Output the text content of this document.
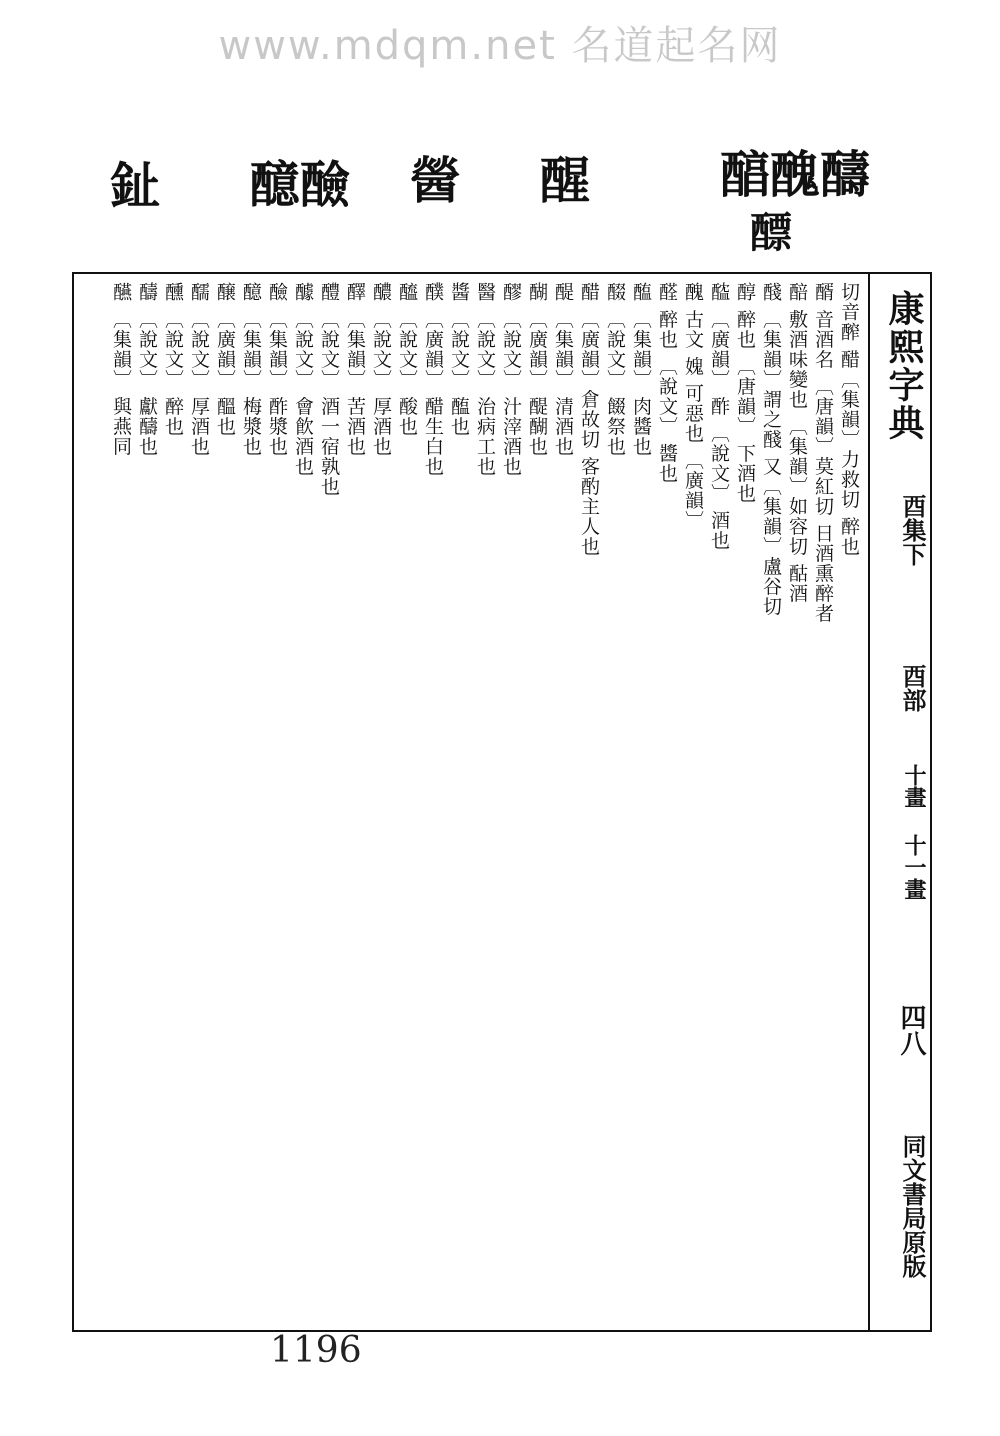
www.mdqm.net 名道起名网
䤠 醷醶 醟 醒	醕醜醻
醥
康熙字典
酉集下
酉部
十畫 十一畫
四八
同文書局原版
切音醡 醋〔集韻〕力救切 醉也
醑 音酒名 〔唐韻〕莫紅切 日酒熏醉者
醅 敷酒味變也 〔集韻〕如容切 酤酒
醆 〔集韻〕謂之醆 又〔集韻〕盧谷切
醇 醉也 〔唐韻〕 下酒也
醓 〔廣韻〕 酢 〔說文〕 酒也
醜 古文 媿 可惡也 〔廣韻〕
醛 醉也 〔說文〕 醬也
醢 〔集韻〕 肉醬也
醊 〔說文〕 餟祭也
醋 〔廣韻〕倉故切 客酌主人也
醍 〔集韻〕 清酒也
醐 〔廣韻〕 醍醐也
醪 〔說文〕 汁滓酒也
醫 〔說文〕 治病工也
醬 〔說文〕 醢也
醭 〔廣韻〕 醋生白也
醯 〔說文〕 酸也
醲 〔說文〕 厚酒也
醳 〔集韻〕 苦酒也
醴 〔說文〕 酒一宿孰也
醵 〔說文〕 會飮酒也
醶 〔集韻〕 酢漿也
醷 〔集韻〕 梅漿也
醸 〔廣韻〕 醞也
醹 〔說文〕 厚酒也
醺 〔說文〕 醉也
醻 〔說文〕 獻醻也
醼 〔集韻〕 與燕同
1196
